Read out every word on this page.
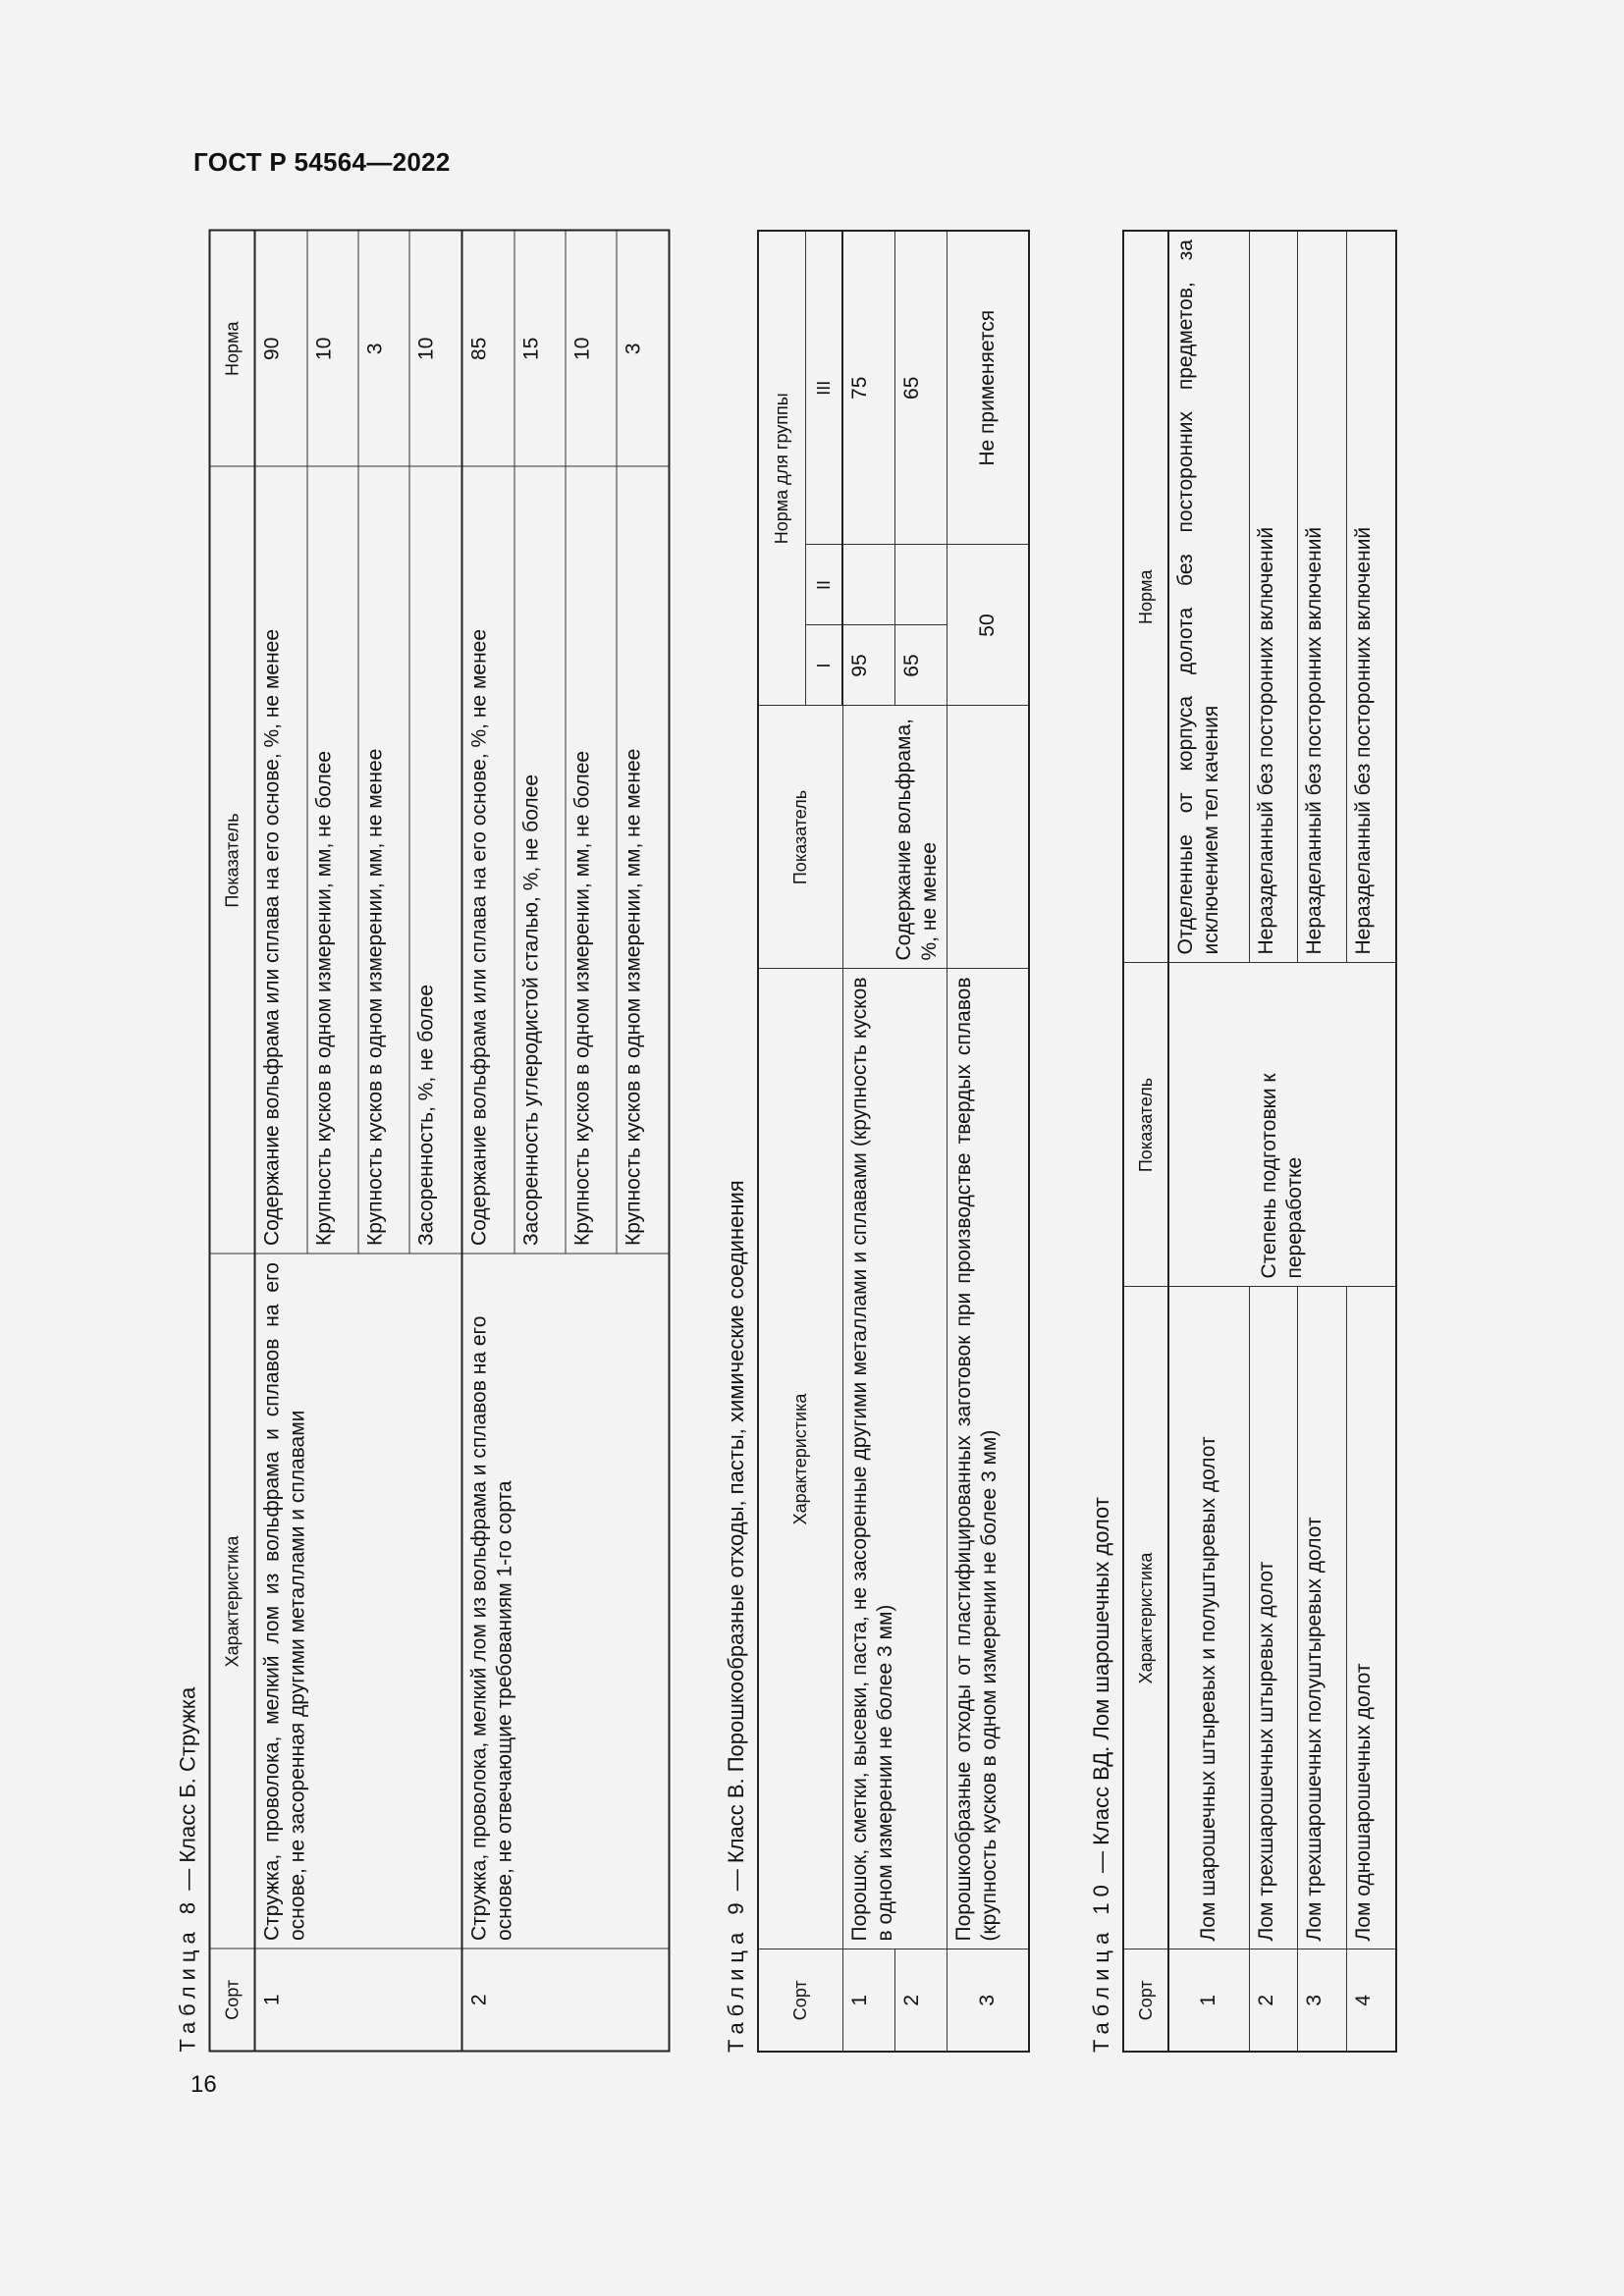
ГОСТ Р 54564—2022
16
Таблица 8 — Класс Б. Стружка
Сорт	Характеристика	Показатель	Норма
1	Стружка, проволока, мелкий лом из вольфрама и сплавов на его основе, не засоренная другими металлами и сплавами	Содержание вольфрама или сплава на его основе, %, не менее	90
		Крупность кусков в одном измерении, мм, не более	10
		Крупность кусков в одном измерении, мм, не менее	3
		Засоренность, %, не более	10
2	Стружка, проволока, мелкий лом из вольфрама и сплавов на его основе, не отвечающие требованиям 1-го сорта	Содержание вольфрама или сплава на его основе, %, не менее	85
		Засоренность углеродистой сталью, %, не более	15
		Крупность кусков в одном измерении, мм, не более	10
		Крупность кусков в одном измерении, мм, не менее	3
Таблица 9 — Класс В. Порошкообразные отходы, пасты, химические соединения
Сорт	Характеристика	Показатель	Норма для группы		
			I	II	III
1	Порошок, сметки, высевки, паста, не засоренные другими металлами и сплавами (крупность кусков в одном измерении не более 3 мм)	Содержание вольфрама, %, не менее	95		75
2			65		65
3	Порошкообразные отходы от пластифицированных заготовок при производстве твердых сплавов (крупность кусков в одном измерении не более 3 мм)		50		Не применяется
Таблица 10 — Класс ВД. Лом шарошечных долот
Сорт	Характеристика	Показатель	Норма
1	Лом шарошечных штыревых и полуштыревых долот	Степень подготовки к переработке	Отделенные от корпуса долота без посторонних предметов, за исключением тел качения
2	Лом трехшарошечных штыревых долот		Неразделанный без посторонних включений
3	Лом трехшарошечных полуштыревых долот		Неразделанный без посторонних включений
4	Лом одношарошечных долот		Неразделанный без посторонних включений
